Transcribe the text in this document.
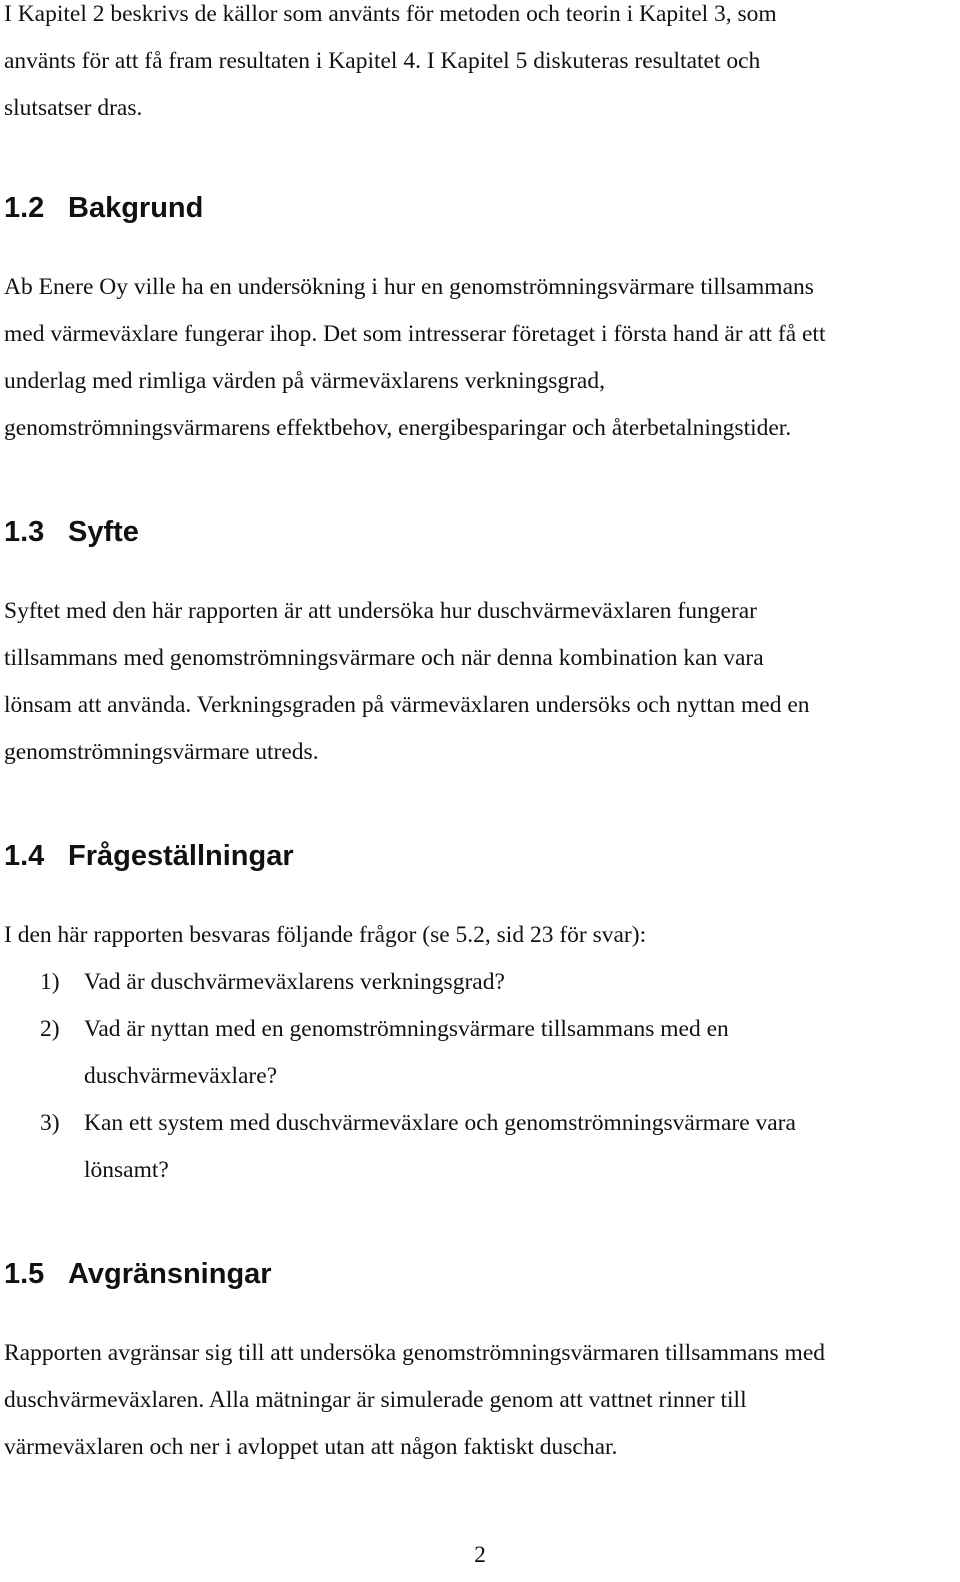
I Kapitel 2 beskrivs de källor som använts för metoden och teorin i Kapitel 3, som
använts för att få fram resultaten i Kapitel 4. I Kapitel 5 diskuteras resultatet och
slutsatser dras.

1.2 Bakgrund

Ab Enere Oy ville ha en undersökning i hur en genomströmningsvärmare tillsammans
med värmeväxlare fungerar ihop. Det som intresserar företaget i första hand är att få ett
underlag med rimliga värden på värmeväxlarens verkningsgrad,
genomströmningsvärmarens effektbehov, energibesparingar och återbetalningstider.

1.3 Syfte

Syftet med den här rapporten är att undersöka hur duschvärmeväxlaren fungerar
tillsammans med genomströmningsvärmare och när denna kombination kan vara
lönsam att använda. Verkningsgraden på värmeväxlaren undersöks och nyttan med en
genomströmningsvärmare utreds.

1.4 Frågeställningar

I den här rapporten besvaras följande frågor (se 5.2, sid 23 för svar):

1) Vad är duschvärmeväxlarens verkningsgrad?
2) Vad är nyttan med en genomströmningsvärmare tillsammans med en
duschvärmeväxlare?
3) Kan ett system med duschvärmeväxlare och genomströmningsvärmare vara
lönsamt?
1.5 Avgränsningar

Rapporten avgränsar sig till att undersöka genomströmningsvärmaren tillsammans med
duschvärmeväxlaren. Alla mätningar är simulerade genom att vattnet rinner till
värmeväxlaren och ner i avloppet utan att någon faktiskt duschar.

2
